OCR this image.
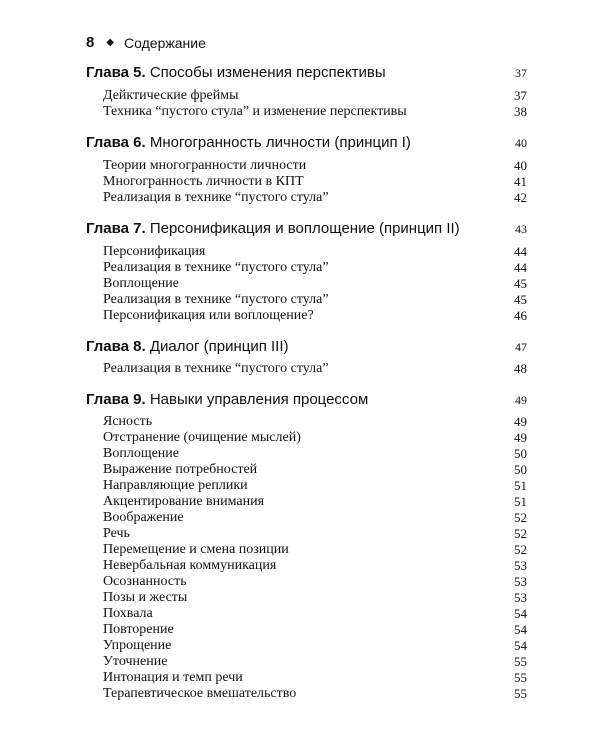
8 ◆ Содержание
Глава 5. Способы изменения перспективы	37
Дейктические фреймы	37
Техника “пустого стула” и изменение перспективы	38
Глава 6. Многогранность личности (принцип I)	40
Теории многогранности личности	40
Многогранность личности в КПТ	41
Реализация в технике “пустого стула”	42
Глава 7. Персонификация и воплощение (принцип II)	43
Персонификация	44
Реализация в технике “пустого стула”	44
Воплощение	45
Реализация в технике “пустого стула”	45
Персонификация или воплощение?	46
Глава 8. Диалог (принцип III)	47
Реализация в технике “пустого стула”	48
Глава 9. Навыки управления процессом	49
Ясность	49
Отстранение (очищение мыслей)	49
Воплощение	50
Выражение потребностей	50
Направляющие реплики	51
Акцентирование внимания	51
Воображение	52
Речь	52
Перемещение и смена позиции	52
Невербальная коммуникация	53
Осознанность	53
Позы и жесты	53
Похвала	54
Повторение	54
Упрощение	54
Уточнение	55
Интонация и темп речи	55
Терапевтическое вмешательство	55
